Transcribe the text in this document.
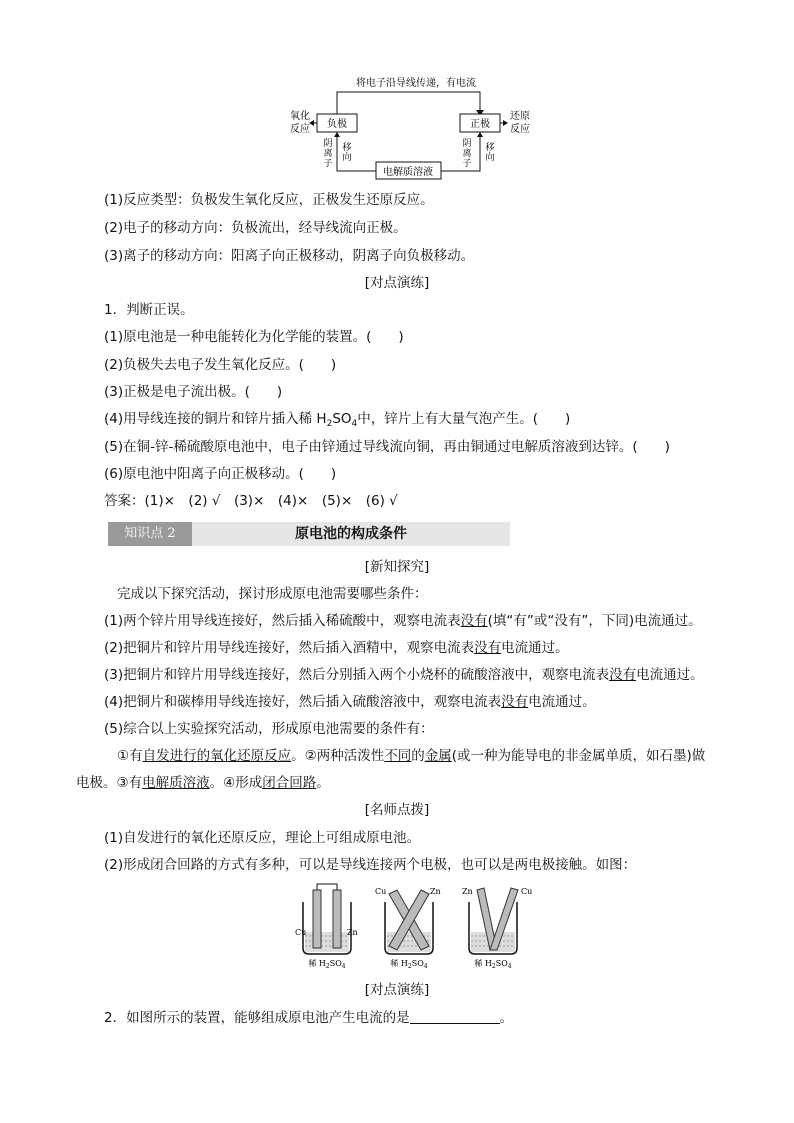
将电子沿导线传递，有电流
负极	正极
氧化
反应
还原
反应
电解质溶液
阴离子
移向
阴离子
移向
(1)反应类型：负极发生氧化反应，正极发生还原反应。
(2)电子的移动方向：负极流出，经导线流向正极。
(3)离子的移动方向：阳离子向正极移动，阴离子向负极移动。
[对点演练]
1．判断正误。
(1)原电池是一种电能转化为化学能的装置。(　　)
(2)负极失去电子发生氧化反应。(　　)
(3)正极是电子流出极。(　　)
(4)用导线连接的铜片和锌片插入稀 $H_2SO_4$中，锌片上有大量气泡产生。(　　)
(5)在铜-锌-稀硫酸原电池中，电子由锌通过导线流向铜，再由铜通过电解质溶液到达锌。(　　)
(6)原电池中阳离子向正极移动。(　　)
答案：(1)×　(2) √　(3)×　(4)×　(5)×　(6) √
知识点 2	原电池的构成条件
[新知探究]
完成以下探究活动，探讨形成原电池需要哪些条件：
(1)两个锌片用导线连接好，然后插入稀硫酸中，观察电流表没有(填“有”或“没有”，下同)电流通过。
(2)把铜片和锌片用导线连接好，然后插入酒精中，观察电流表没有电流通过。
(3)把铜片和锌片用导线连接好，然后分别插入两个小烧杯的硫酸溶液中，观察电流表没有电流通过。
(4)把铜片和碳棒用导线连接好，然后插入硫酸溶液中，观察电流表没有电流通过。
(5)综合以上实验探究活动，形成原电池需要的条件有：
①有自发进行的氧化还原反应。②两种活泼性不同的金属(或一种为能导电的非金属单质，如石墨)做
电极。③有电解质溶液。④形成闭合回路。
[名师点拨]
(1)自发进行的氧化还原反应，理论上可组成原电池。
(2)形成闭合回路的方式有多种，可以是导线连接两个电极，也可以是两电极接触。如图：
Cu	Zn
稀 $H_2SO_4$
Cu	Zn
稀 $H_2SO_4$
Zn	Cu
稀 $H_2SO_4$
[对点演练]
2．如图所示的装置，能够组成原电池产生电流的是	。
